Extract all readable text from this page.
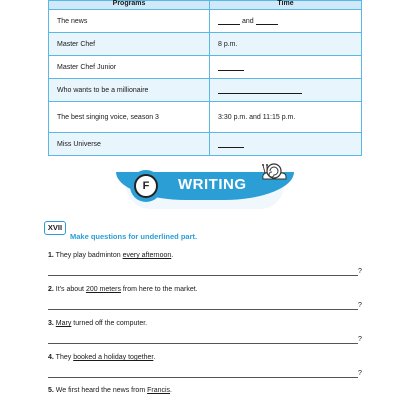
Programs	Time
The news	and
Master Chef	8 p.m.
Master Chef Junior	
Who wants to be a millionaire	
The best singing voice, season 3	3:30 p.m. and 11:15 p.m.
Miss Universe	
F	WRITING
XVII
Make questions for underlined part.
1. They play badminton every afternoon.
?
2. It's about 200 meters from here to the market.
?
3. Mary turned off the computer.
?
4. They booked a holiday together.
?
5. We first heard the news from Francis.
